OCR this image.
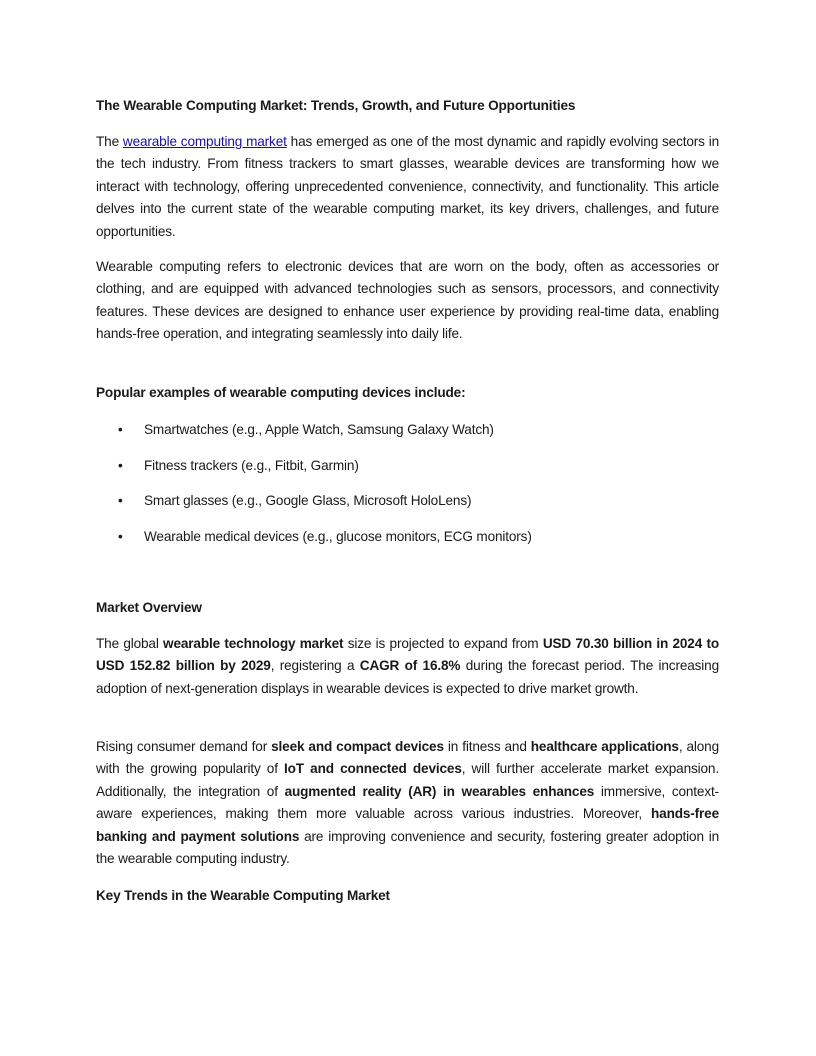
The Wearable Computing Market: Trends, Growth, and Future Opportunities

The wearable computing market has emerged as one of the most dynamic and rapidly evolving sectors in the tech industry. From fitness trackers to smart glasses, wearable devices are transforming how we interact with technology, offering unprecedented convenience, connectivity, and functionality. This article delves into the current state of the wearable computing market, its key drivers, challenges, and future opportunities.

Wearable computing refers to electronic devices that are worn on the body, often as accessories or clothing, and are equipped with advanced technologies such as sensors, processors, and connectivity features. These devices are designed to enhance user experience by providing real-time data, enabling hands-free operation, and integrating seamlessly into daily life.

Popular examples of wearable computing devices include:
• Smartwatches (e.g., Apple Watch, Samsung Galaxy Watch)
• Fitness trackers (e.g., Fitbit, Garmin)
• Smart glasses (e.g., Google Glass, Microsoft HoloLens)
• Wearable medical devices (e.g., glucose monitors, ECG monitors)
Market Overview

The global wearable technology market size is projected to expand from USD 70.30 billion in 2024 to USD 152.82 billion by 2029, registering a CAGR of 16.8% during the forecast period. The increasing adoption of next-generation displays in wearable devices is expected to drive market growth.

Rising consumer demand for sleek and compact devices in fitness and healthcare applications, along with the growing popularity of IoT and connected devices, will further accelerate market expansion. Additionally, the integration of augmented reality (AR) in wearables enhances immersive, context-aware experiences, making them more valuable across various industries. Moreover, hands-free banking and payment solutions are improving convenience and security, fostering greater adoption in the wearable computing industry.

Key Trends in the Wearable Computing Market
